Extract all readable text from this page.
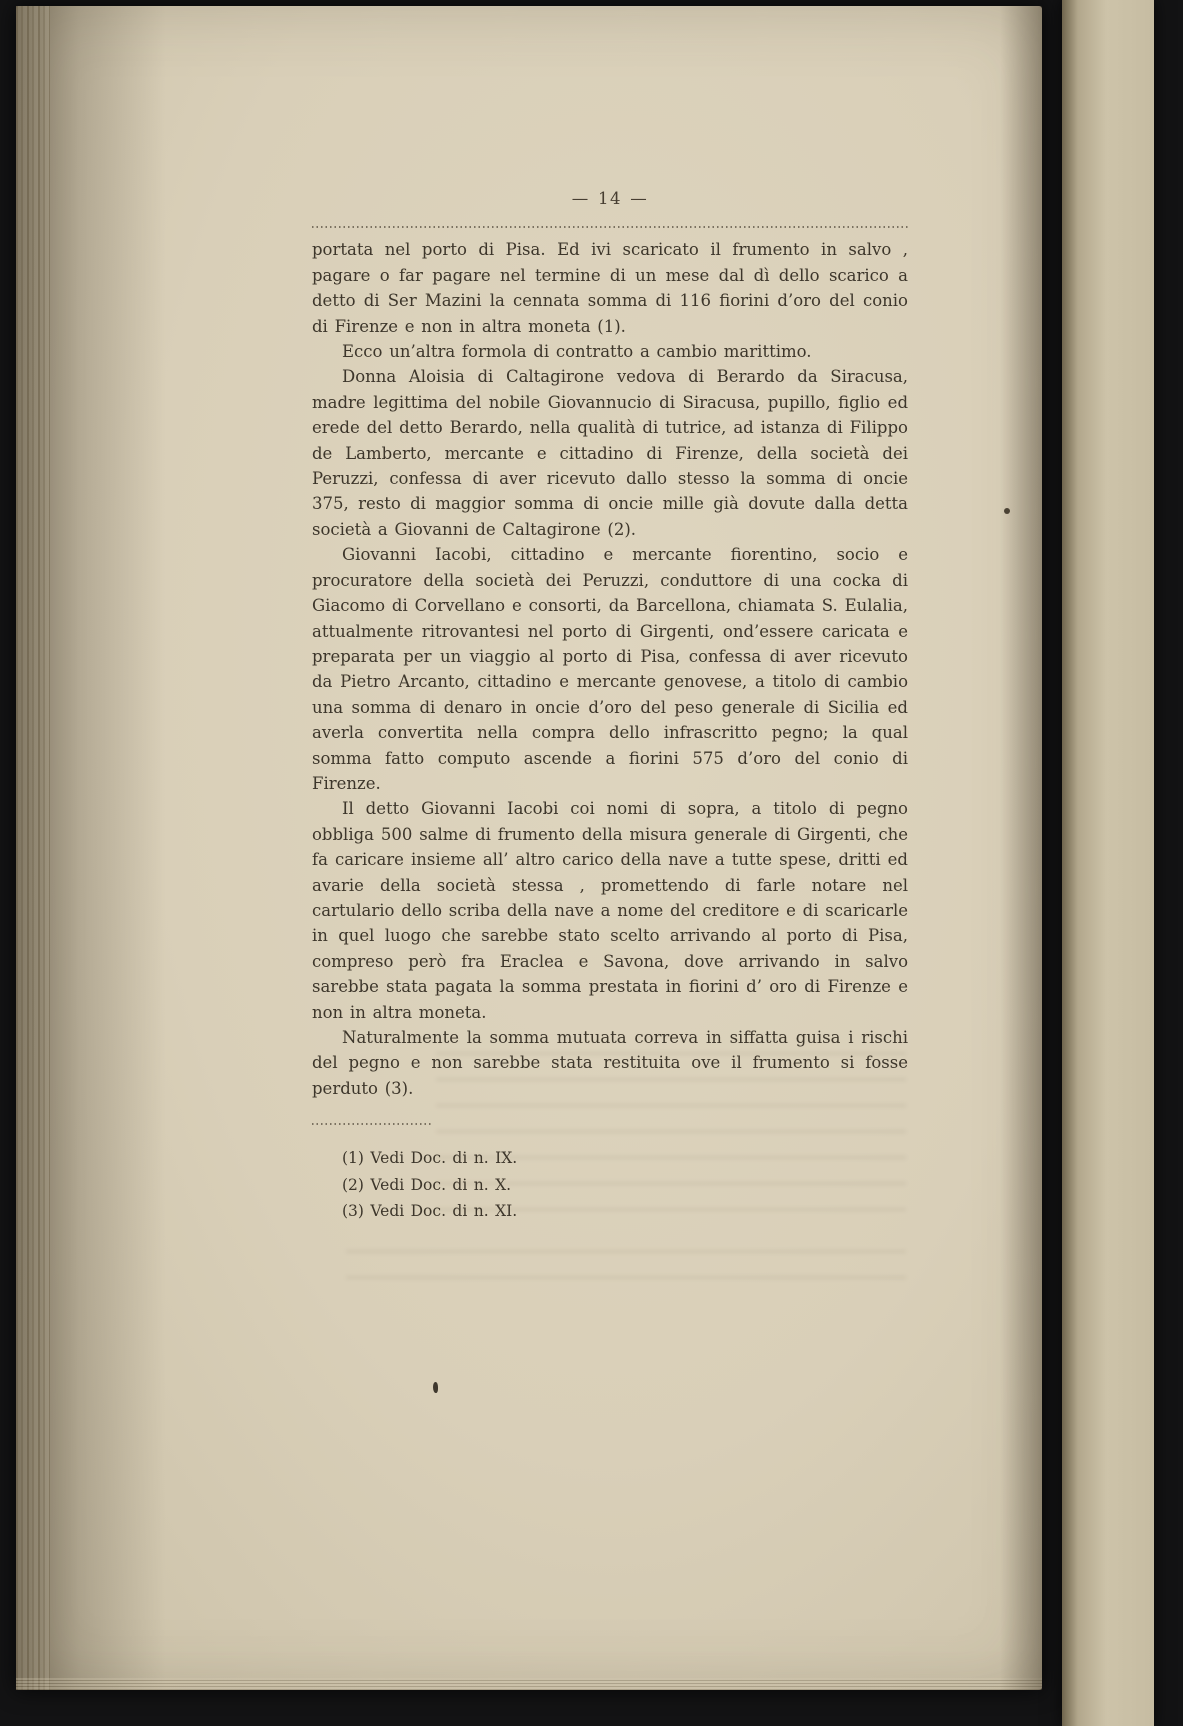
— 14 —

portata nel porto di Pisa. Ed ivi scaricato il frumento in salvo , pagare o far pagare nel termine di un mese dal dì dello scarico a detto di Ser Mazini la cennata somma di 116 fiorini d’oro del conio di Firenze e non in altra moneta (1).

Ecco un’altra formola di contratto a cambio marittimo.

Donna Aloisia di Caltagirone vedova di Berardo da Siracusa, madre legittima del nobile Giovannucio di Siracusa, pupillo, figlio ed erede del detto Berardo, nella qualità di tutrice, ad istanza di Filippo de Lamberto, mercante e cittadino di Firenze, della società dei Peruzzi, confessa di aver ricevuto dallo stesso la somma di oncie 375, resto di maggior somma di oncie mille già dovute dalla detta società a Giovanni de Caltagirone (2).

Giovanni Iacobi, cittadino e mercante fiorentino, socio e procuratore della società dei Peruzzi, conduttore di una cocka di Giacomo di Corvellano e consorti, da Barcellona, chiamata S. Eulalia, attualmente ritrovantesi nel porto di Girgenti, ond’essere caricata e preparata per un viaggio al porto di Pisa, confessa di aver ricevuto da Pietro Arcanto, cittadino e mercante genovese, a titolo di cambio una somma di denaro in oncie d’oro del peso generale di Sicilia ed averla convertita nella compra dello infrascritto pegno; la qual somma fatto computo ascende a fiorini 575 d’oro del conio di Firenze.

Il detto Giovanni Iacobi coi nomi di sopra, a titolo di pegno obbliga 500 salme di frumento della misura generale di Girgenti, che fa caricare insieme all’ altro carico della nave a tutte spese, dritti ed avarie della società stessa , promettendo di farle notare nel cartulario dello scriba della nave a nome del creditore e di scaricarle in quel luogo che sarebbe stato scelto arrivando al porto di Pisa, compreso però fra Eraclea e Savona, dove arrivando in salvo sarebbe stata pagata la somma prestata in fiorini d’ oro di Firenze e non in altra moneta.

Naturalmente la somma mutuata correva in siffatta guisa i rischi del pegno e non sarebbe stata restituita ove il frumento si fosse perduto (3).

(1) Vedi Doc. di n. IX.

(2) Vedi Doc. di n. X.

(3) Vedi Doc. di n. XI.
